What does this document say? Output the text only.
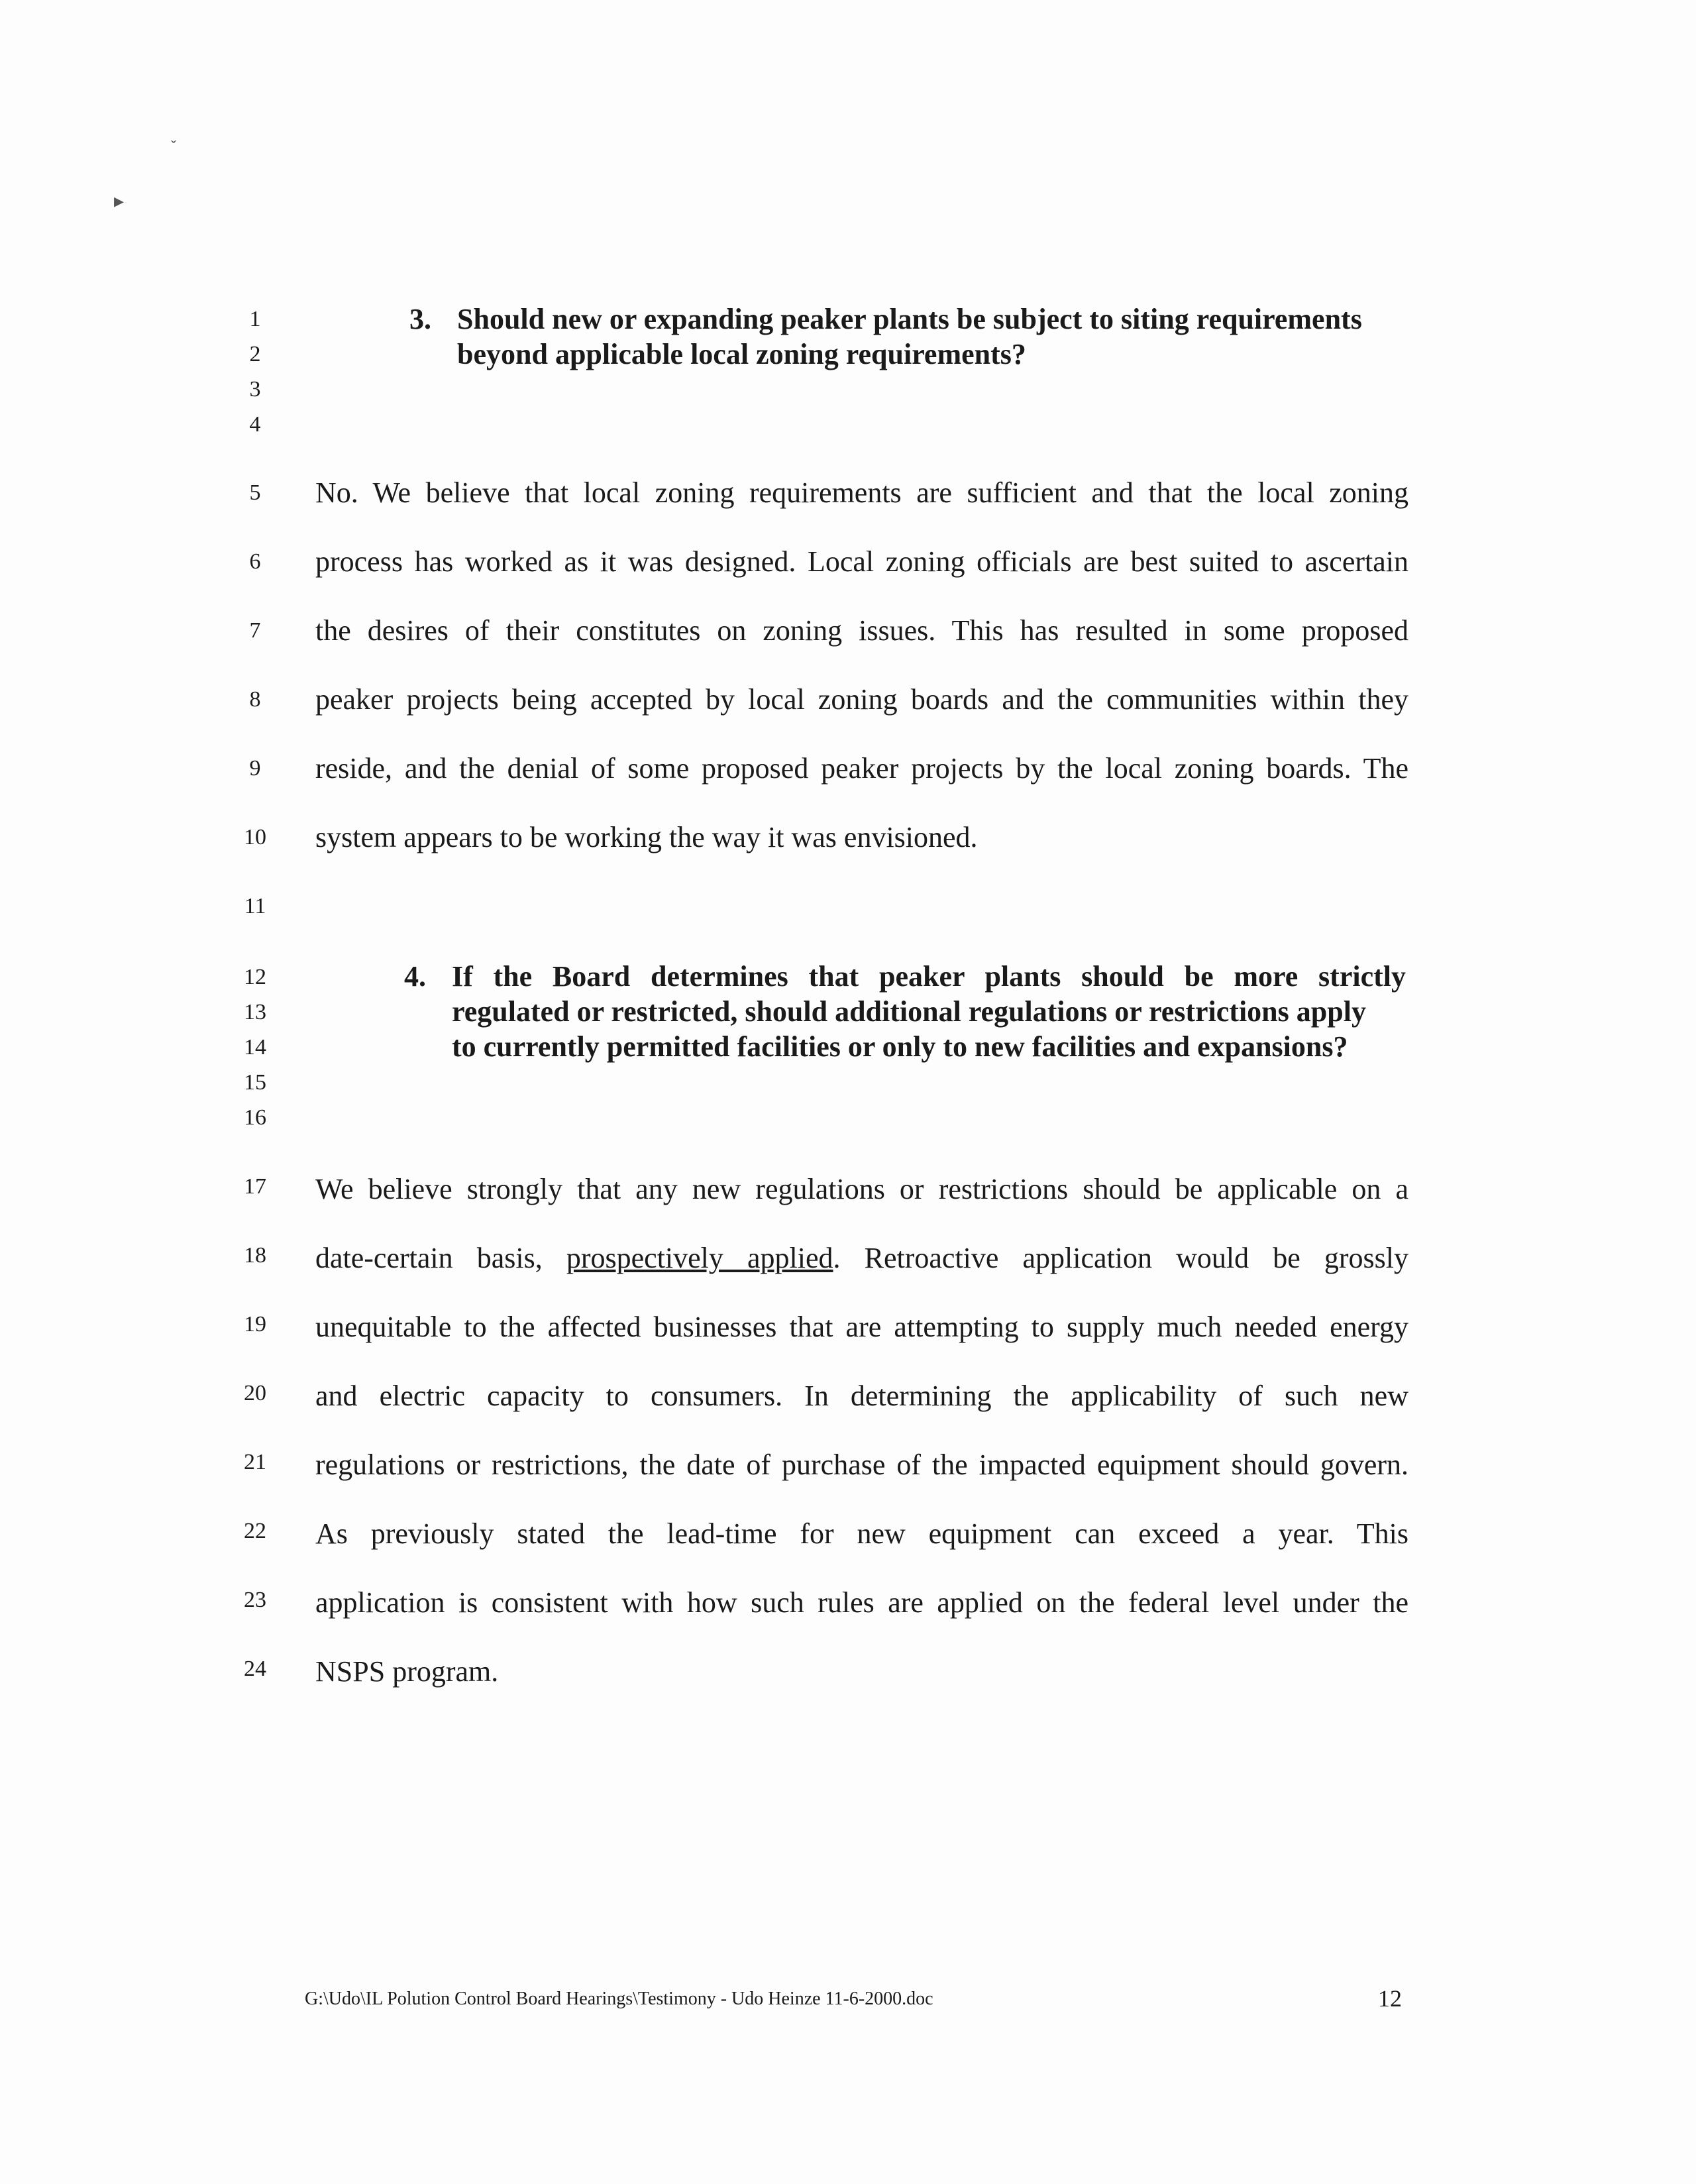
ˇ
▸
1
2
3
4
5
6
7
8
9
10
11
12
13
14
15
16
17
18
19
20
21
22
23
24
3. Should new or expanding peaker plants be subject to siting requirements
beyond applicable local zoning requirements?
No. We believe that local zoning requirements are sufficient and that the local zoning
process has worked as it was designed. Local zoning officials are best suited to ascertain
the desires of their constitutes on zoning issues. This has resulted in some proposed
peaker projects being accepted by local zoning boards and the communities within they
reside, and the denial of some proposed peaker projects by the local zoning boards. The
system appears to be working the way it was envisioned.
4. If the Board determines that peaker plants should be more strictly
regulated or restricted, should additional regulations or restrictions apply
to currently permitted facilities or only to new facilities and expansions?
We believe strongly that any new regulations or restrictions should be applicable on a
date-certain basis, prospectively applied. Retroactive application would be grossly
unequitable to the affected businesses that are attempting to supply much needed energy
and electric capacity to consumers. In determining the applicability of such new
regulations or restrictions, the date of purchase of the impacted equipment should govern.
As previously stated the lead-time for new equipment can exceed a year. This
application is consistent with how such rules are applied on the federal level under the
NSPS program.
G:\Udo\IL Polution Control Board Hearings\Testimony - Udo Heinze 11-6-2000.doc	12
